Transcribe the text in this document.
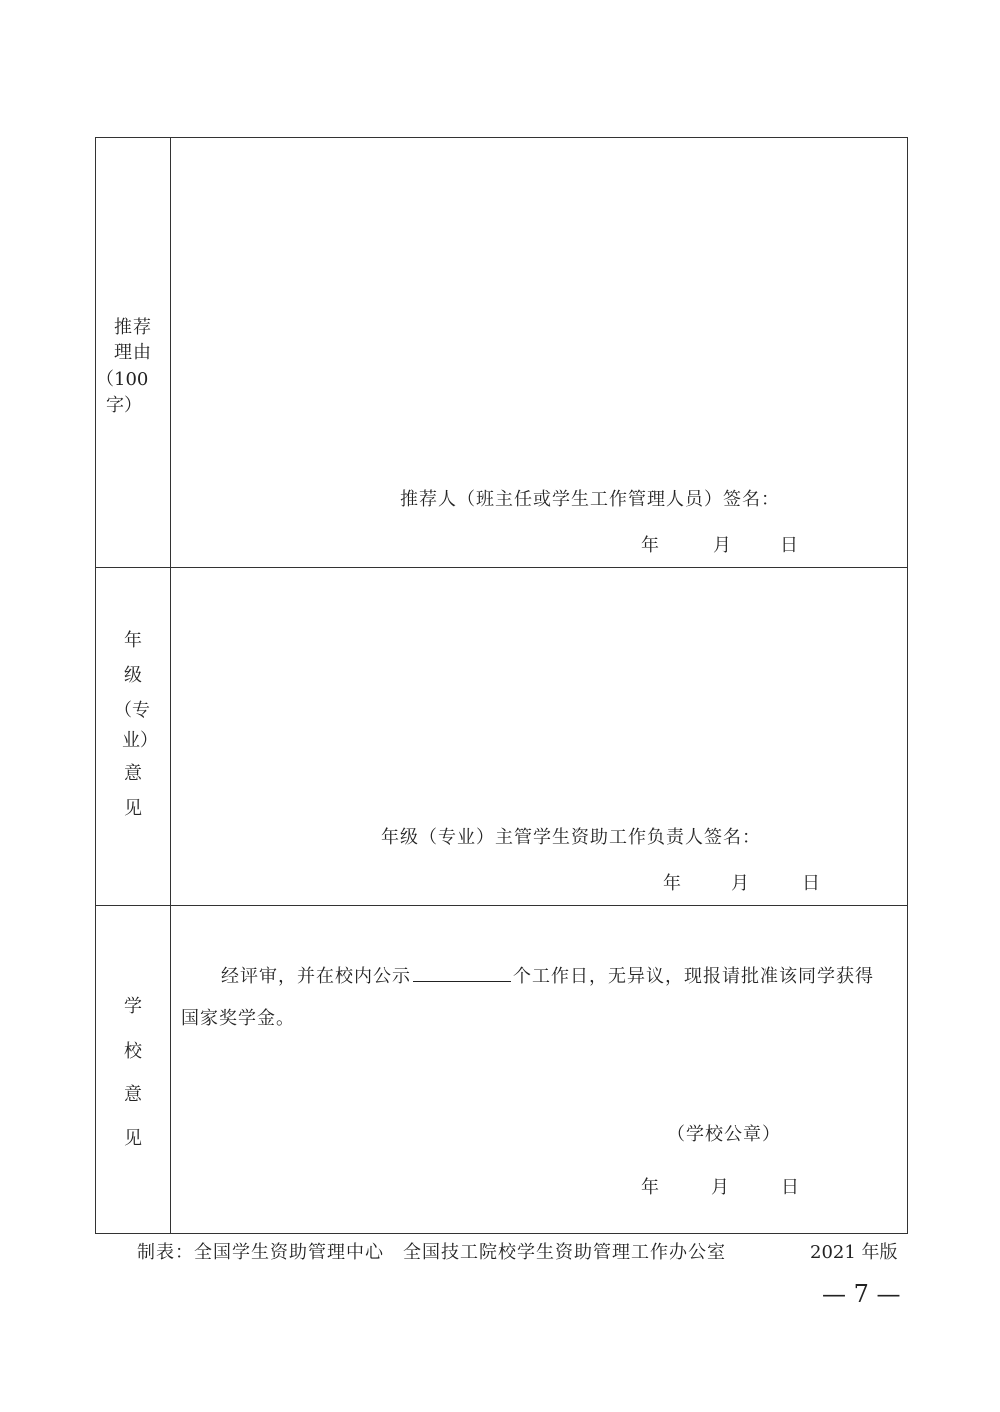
推荐
理由
（100
字）
推荐人（班主任或学生工作管理人员）签名：
年	月	日
年
级
（专
业）
意
见
年级（专业）主管学生资助工作负责人签名：
年	月	日
学
校
意
见
经评审，并在校内公示	个工作日，无异议，现报请批准该同学获得
国家奖学金。
（学校公章）
年	月	日
制表：全国学生资助管理中心　全国技工院校学生资助管理工作办公室	2021 年版
— 7 —
